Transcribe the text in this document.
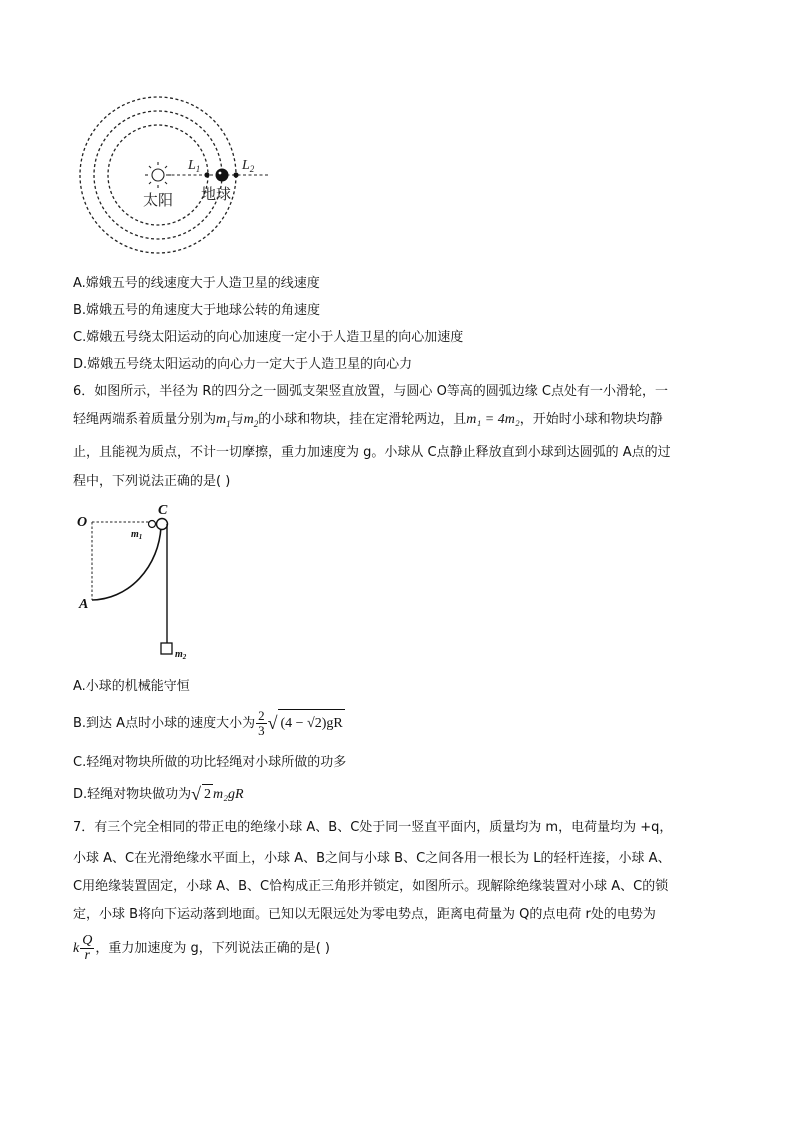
太阳 地球
$L_1$	$L_2$
A.嫦娥五号的线速度大于人造卫星的线速度
B.嫦娥五号的角速度大于地球公转的角速度
C.嫦娥五号绕太阳运动的向心加速度一定小于人造卫星的向心加速度
D.嫦娥五号绕太阳运动的向心力一定大于人造卫星的向心力
6．如图所示，半径为 R的四分之一圆弧支架竖直放置，与圆心 O等高的圆弧边缘 C点处有一小滑轮，一
轻绳两端系着质量分别为$m_1$与$m_2$的小球和物块，挂在定滑轮两边，且m₁ = 4m₂，开始时小球和物块均静
止，且能视为质点，不计一切摩擦，重力加速度为 g。小球从 C点静止释放直到小球到达圆弧的 A点的过
程中，下列说法正确的是( )
O
C
A
$m_1$
$m_2$
A.小球的机械能守恒
B.到达 A点时小球的速度大小为 $\frac{2}{3}$ √ (4 − √2)gR
C.轻绳对物块所做的功比轻绳对小球所做的功多
D.轻绳对物块做功为√ 2 m₂gR
7．有三个完全相同的带正电的绝缘小球 A、B、C处于同一竖直平面内，质量均为 m，电荷量均为 +q，
小球 A、C在光滑绝缘水平面上，小球 A、B之间与小球 B、C之间各用一根长为 L的轻杆连接，小球 A、
C用绝缘装置固定，小球 A、B、C恰构成正三角形并锁定，如图所示。现解除绝缘装置对小球 A、C的锁
定，小球 B将向下运动落到地面。已知以无限远处为零电势点，距离电荷量为 Q的点电荷 r处的电势为
k $\frac{Q}{r}$ ，重力加速度为 g，下列说法正确的是( )
